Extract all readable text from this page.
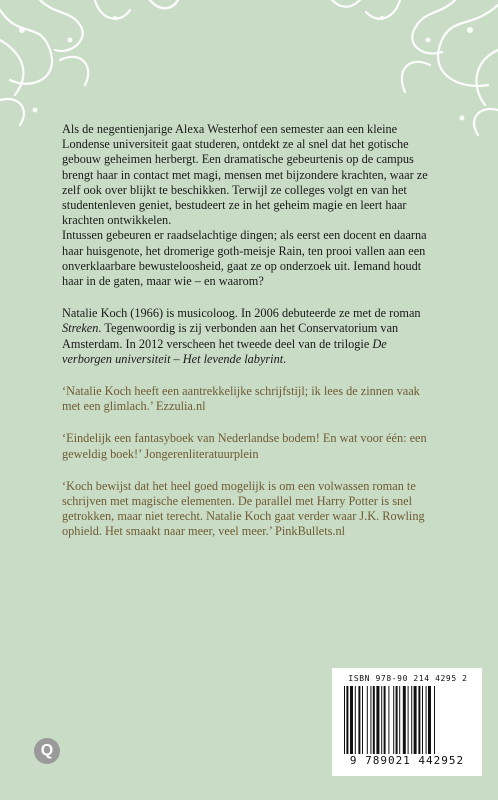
Als de negentienjarige Alexa Westerhof een semester aan een kleine Londense universiteit gaat studeren, ontdekt ze al snel dat het gotische gebouw geheimen herbergt. Een dramatische gebeurtenis op de campus brengt haar in contact met magi, mensen met bijzondere krachten, waar ze zelf ook over blijkt te beschikken. Terwijl ze colleges volgt en van het studentenleven geniet, bestudeert ze in het geheim magie en leert haar krachten ontwikkelen.

Intussen gebeuren er raadselachtige dingen; als eerst een docent en daarna haar huisgenote, het dromerige goth-meisje Rain, ten prooi vallen aan een onverklaarbare bewusteloosheid, gaat ze op onderzoek uit. Iemand houdt haar in de gaten, maar wie – en waarom?

Natalie Koch (1966) is musicoloog. In 2006 debuteerde ze met de roman Streken. Tegenwoordig is zij verbonden aan het Conservatorium van Amsterdam. In 2012 verscheen het tweede deel van de trilogie De verborgen universiteit – Het levende labyrint.

‘Natalie Koch heeft een aantrekkelijke schrijfstijl; ik lees de zinnen vaak met een glimlach.’ Ezzulia.nl

‘Eindelijk een fantasyboek van Nederlandse bodem! En wat voor één: een geweldig boek!’ Jongerenliteratuurplein

‘Koch bewijst dat het heel goed mogelijk is om een volwassen roman te schrijven met magische elementen. De parallel met Harry Potter is snel getrokken, maar niet terecht. Natalie Koch gaat verder waar J.K. Rowling ophield. Het smaakt naar meer, veel meer.’ PinkBullets.nl

ISBN 978-90 214 4295 2
9 789021 442952
Q
